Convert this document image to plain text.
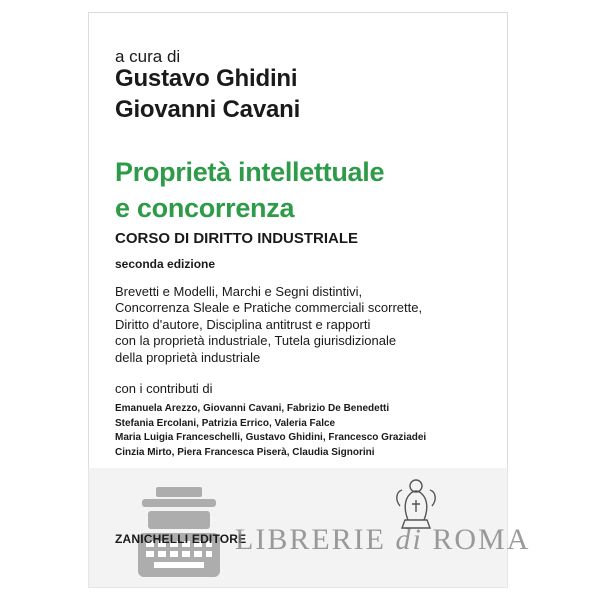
a cura di
Gustavo Ghidini
Giovanni Cavani
Proprietà intellettuale
e concorrenza
CORSO DI DIRITTO INDUSTRIALE
seconda edizione
Brevetti e Modelli, Marchi e Segni distintivi,
Concorrenza Sleale e Pratiche commerciali scorrette,
Diritto d'autore, Disciplina antitrust e rapporti
con la proprietà industriale, Tutela giurisdizionale
della proprietà industriale
con i contributi di
Emanuela Arezzo, Giovanni Cavani, Fabrizio De Benedetti
Stefania Ercolani, Patrizia Errico, Valeria Falce
Maria Luigia Franceschelli, Gustavo Ghidini, Francesco Graziadei
Cinzia Mirto, Piera Francesca Piserà, Claudia Signorini
ZANICHELLI EDITORE
LIBRERIE di ROMA
